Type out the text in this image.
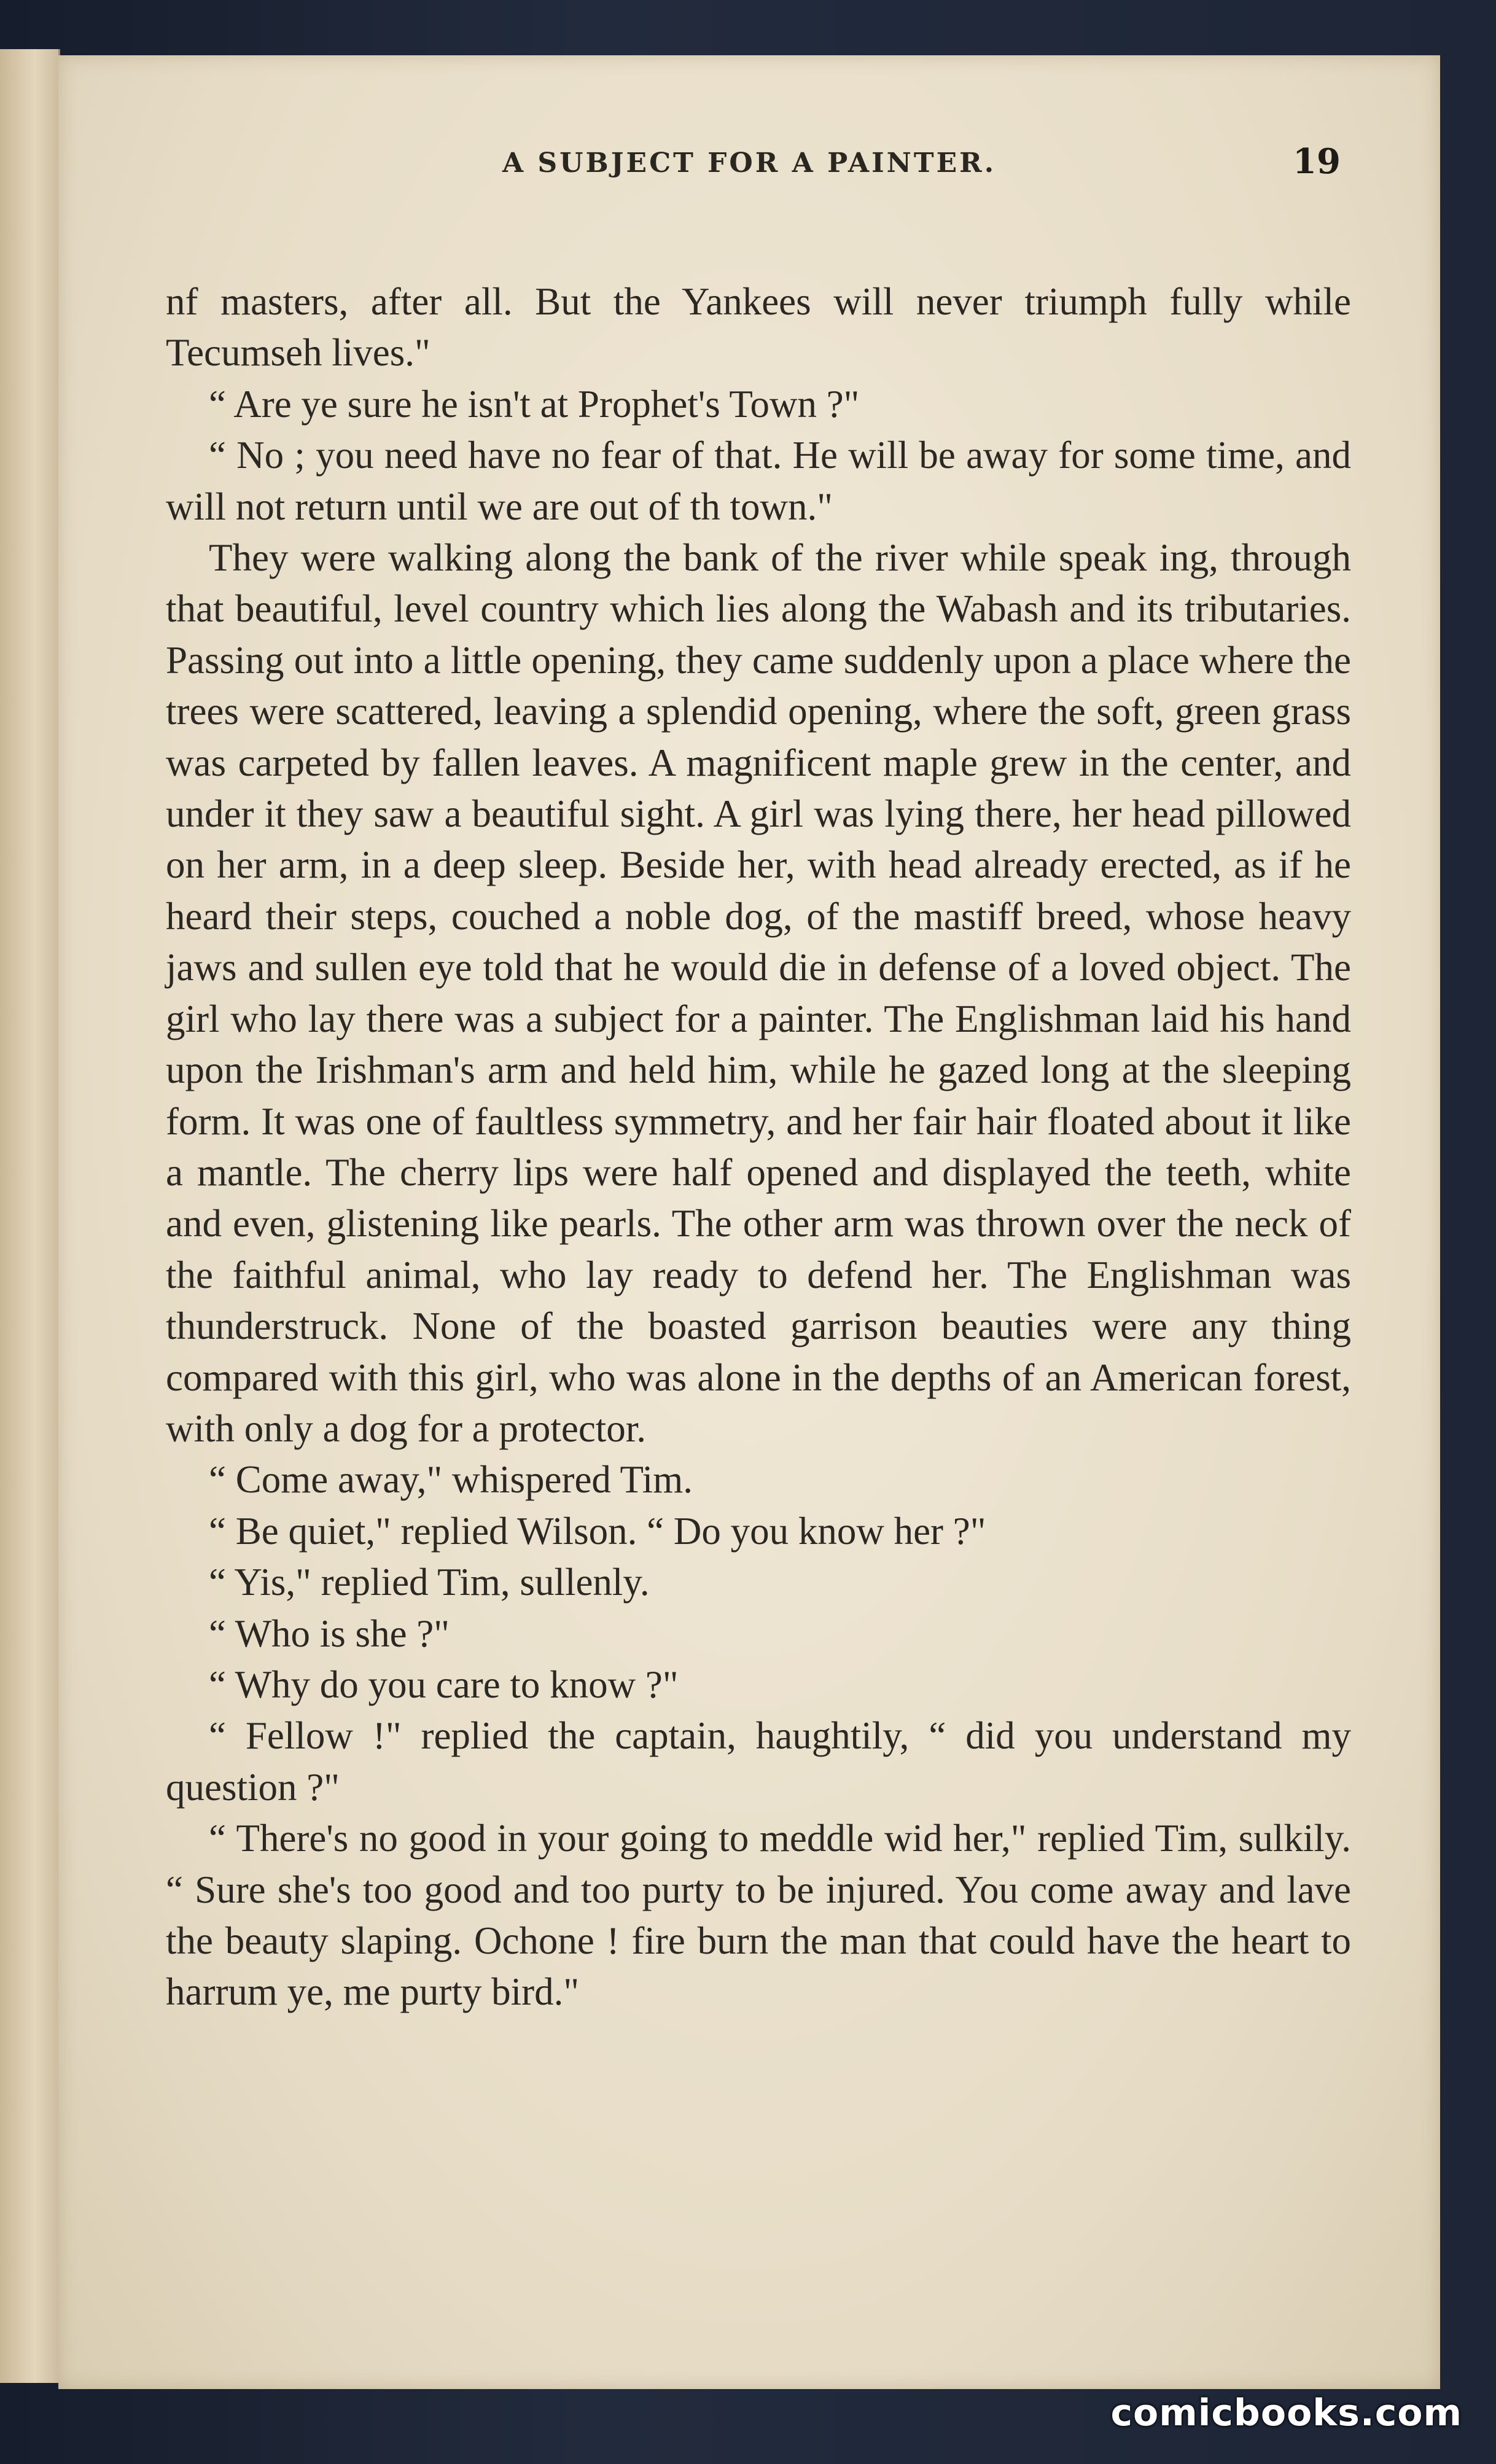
A SUBJECT FOR A PAINTER.	19

nf masters, after all. But the Yankees will never triumph fully while Tecumseh lives."

“ Are ye sure he isn't at Prophet's Town ?"

“ No ; you need have no fear of that. He will be away for some time, and will not return until we are out of th town."

They were walking along the bank of the river while speak ing, through that beautiful, level country which lies along the Wabash and its tributaries. Passing out into a little opening, they came suddenly upon a place where the trees were scattered, leaving a splendid opening, where the soft, green grass was carpeted by fallen leaves. A magnificent maple grew in the center, and under it they saw a beautiful sight. A girl was lying there, her head pillowed on her arm, in a deep sleep. Beside her, with head already erected, as if he heard their steps, couched a noble dog, of the mastiff breed, whose heavy jaws and sullen eye told that he would die in defense of a loved object. The girl who lay there was a subject for a painter. The Englishman laid his hand upon the Irishman's arm and held him, while he gazed long at the sleeping form. It was one of faultless symmetry, and her fair hair floated about it like a mantle. The cherry lips were half opened and displayed the teeth, white and even, glistening like pearls. The other arm was thrown over the neck of the faithful animal, who lay ready to defend her. The Englishman was thunderstruck. None of the boasted garrison beauties were any thing compared with this girl, who was alone in the depths of an American forest, with only a dog for a protector.

“ Come away," whispered Tim.

“ Be quiet," replied Wilson. “ Do you know her ?"

“ Yis," replied Tim, sullenly.

“ Who is she ?"

“ Why do you care to know ?"

“ Fellow !" replied the captain, haughtily, “ did you understand my question ?"

“ There's no good in your going to meddle wid her," replied Tim, sulkily. “ Sure she's too good and too purty to be injured. You come away and lave the beauty slaping. Ochone ! fire burn the man that could have the heart to harrum ye, me purty bird."

comicbooks.com
